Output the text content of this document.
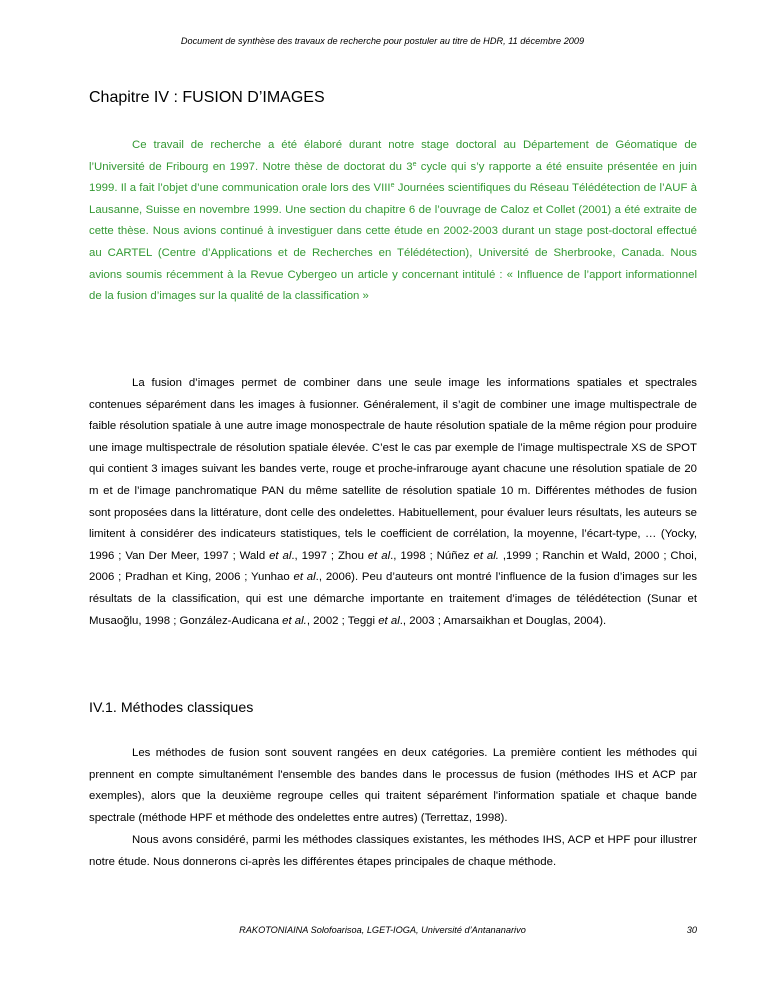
Document de synthèse des travaux de recherche pour postuler au titre de HDR, 11 décembre 2009
Chapitre IV : FUSION D’IMAGES

Ce travail de recherche a été élaboré durant notre stage doctoral au Département de Géomatique de l’Université de Fribourg en 1997. Notre thèse de doctorat du 3e cycle qui s’y rapporte a été ensuite présentée en juin 1999. Il a fait l’objet d’une communication orale lors des VIIIe Journées scientifiques du Réseau Télédétection de l’AUF à Lausanne, Suisse en novembre 1999. Une section du chapitre 6 de l’ouvrage de Caloz et Collet (2001) a été extraite de cette thèse. Nous avions continué à investiguer dans cette étude en 2002-2003 durant un stage post-doctoral effectué au CARTEL (Centre d’Applications et de Recherches en Télédétection), Université de Sherbrooke, Canada. Nous avions soumis récemment à la Revue Cybergeo un article y concernant intitulé : « Influence de l’apport informationnel de la fusion d’images sur la qualité de la classification »

La fusion d’images permet de combiner dans une seule image les informations spatiales et spectrales contenues séparément dans les images à fusionner. Généralement, il s’agit de combiner une image multispectrale de faible résolution spatiale à une autre image monospectrale de haute résolution spatiale de la même région pour produire une image multispectrale de résolution spatiale élevée. C’est le cas par exemple de l’image multispectrale XS de SPOT qui contient 3 images suivant les bandes verte, rouge et proche-infrarouge ayant chacune une résolution spatiale de 20 m et de l’image panchromatique PAN du même satellite de résolution spatiale 10 m. Différentes méthodes de fusion sont proposées dans la littérature, dont celle des ondelettes. Habituellement, pour évaluer leurs résultats, les auteurs se limitent à considérer des indicateurs statistiques, tels le coefficient de corrélation, la moyenne, l’écart-type, … (Yocky, 1996 ; Van Der Meer, 1997 ; Wald et al., 1997 ; Zhou et al., 1998 ; Núñez et al. ,1999 ; Ranchin et Wald, 2000 ; Choi, 2006 ; Pradhan et King, 2006 ; Yunhao et al., 2006). Peu d’auteurs ont montré l’influence de la fusion d’images sur les résultats de la classification, qui est une démarche importante en traitement d’images de télédétection (Sunar et Musaoğlu, 1998 ; González-Audicana et al., 2002 ; Teggi et al., 2003 ; Amarsaikhan et Douglas, 2004).

IV.1. Méthodes classiques

Les méthodes de fusion sont souvent rangées en deux catégories. La première contient les méthodes qui prennent en compte simultanément l'ensemble des bandes dans le processus de fusion (méthodes IHS et ACP par exemples), alors que la deuxième regroupe celles qui traitent séparément l'information spatiale et chaque bande spectrale (méthode HPF et méthode des ondelettes entre autres) (Terrettaz, 1998).

Nous avons considéré, parmi les méthodes classiques existantes, les méthodes IHS, ACP et HPF pour illustrer notre étude. Nous donnerons ci-après les différentes étapes principales de chaque méthode.

RAKOTONIAINA Solofoarisoa, LGET-IOGA, Université d’Antananarivo	30
